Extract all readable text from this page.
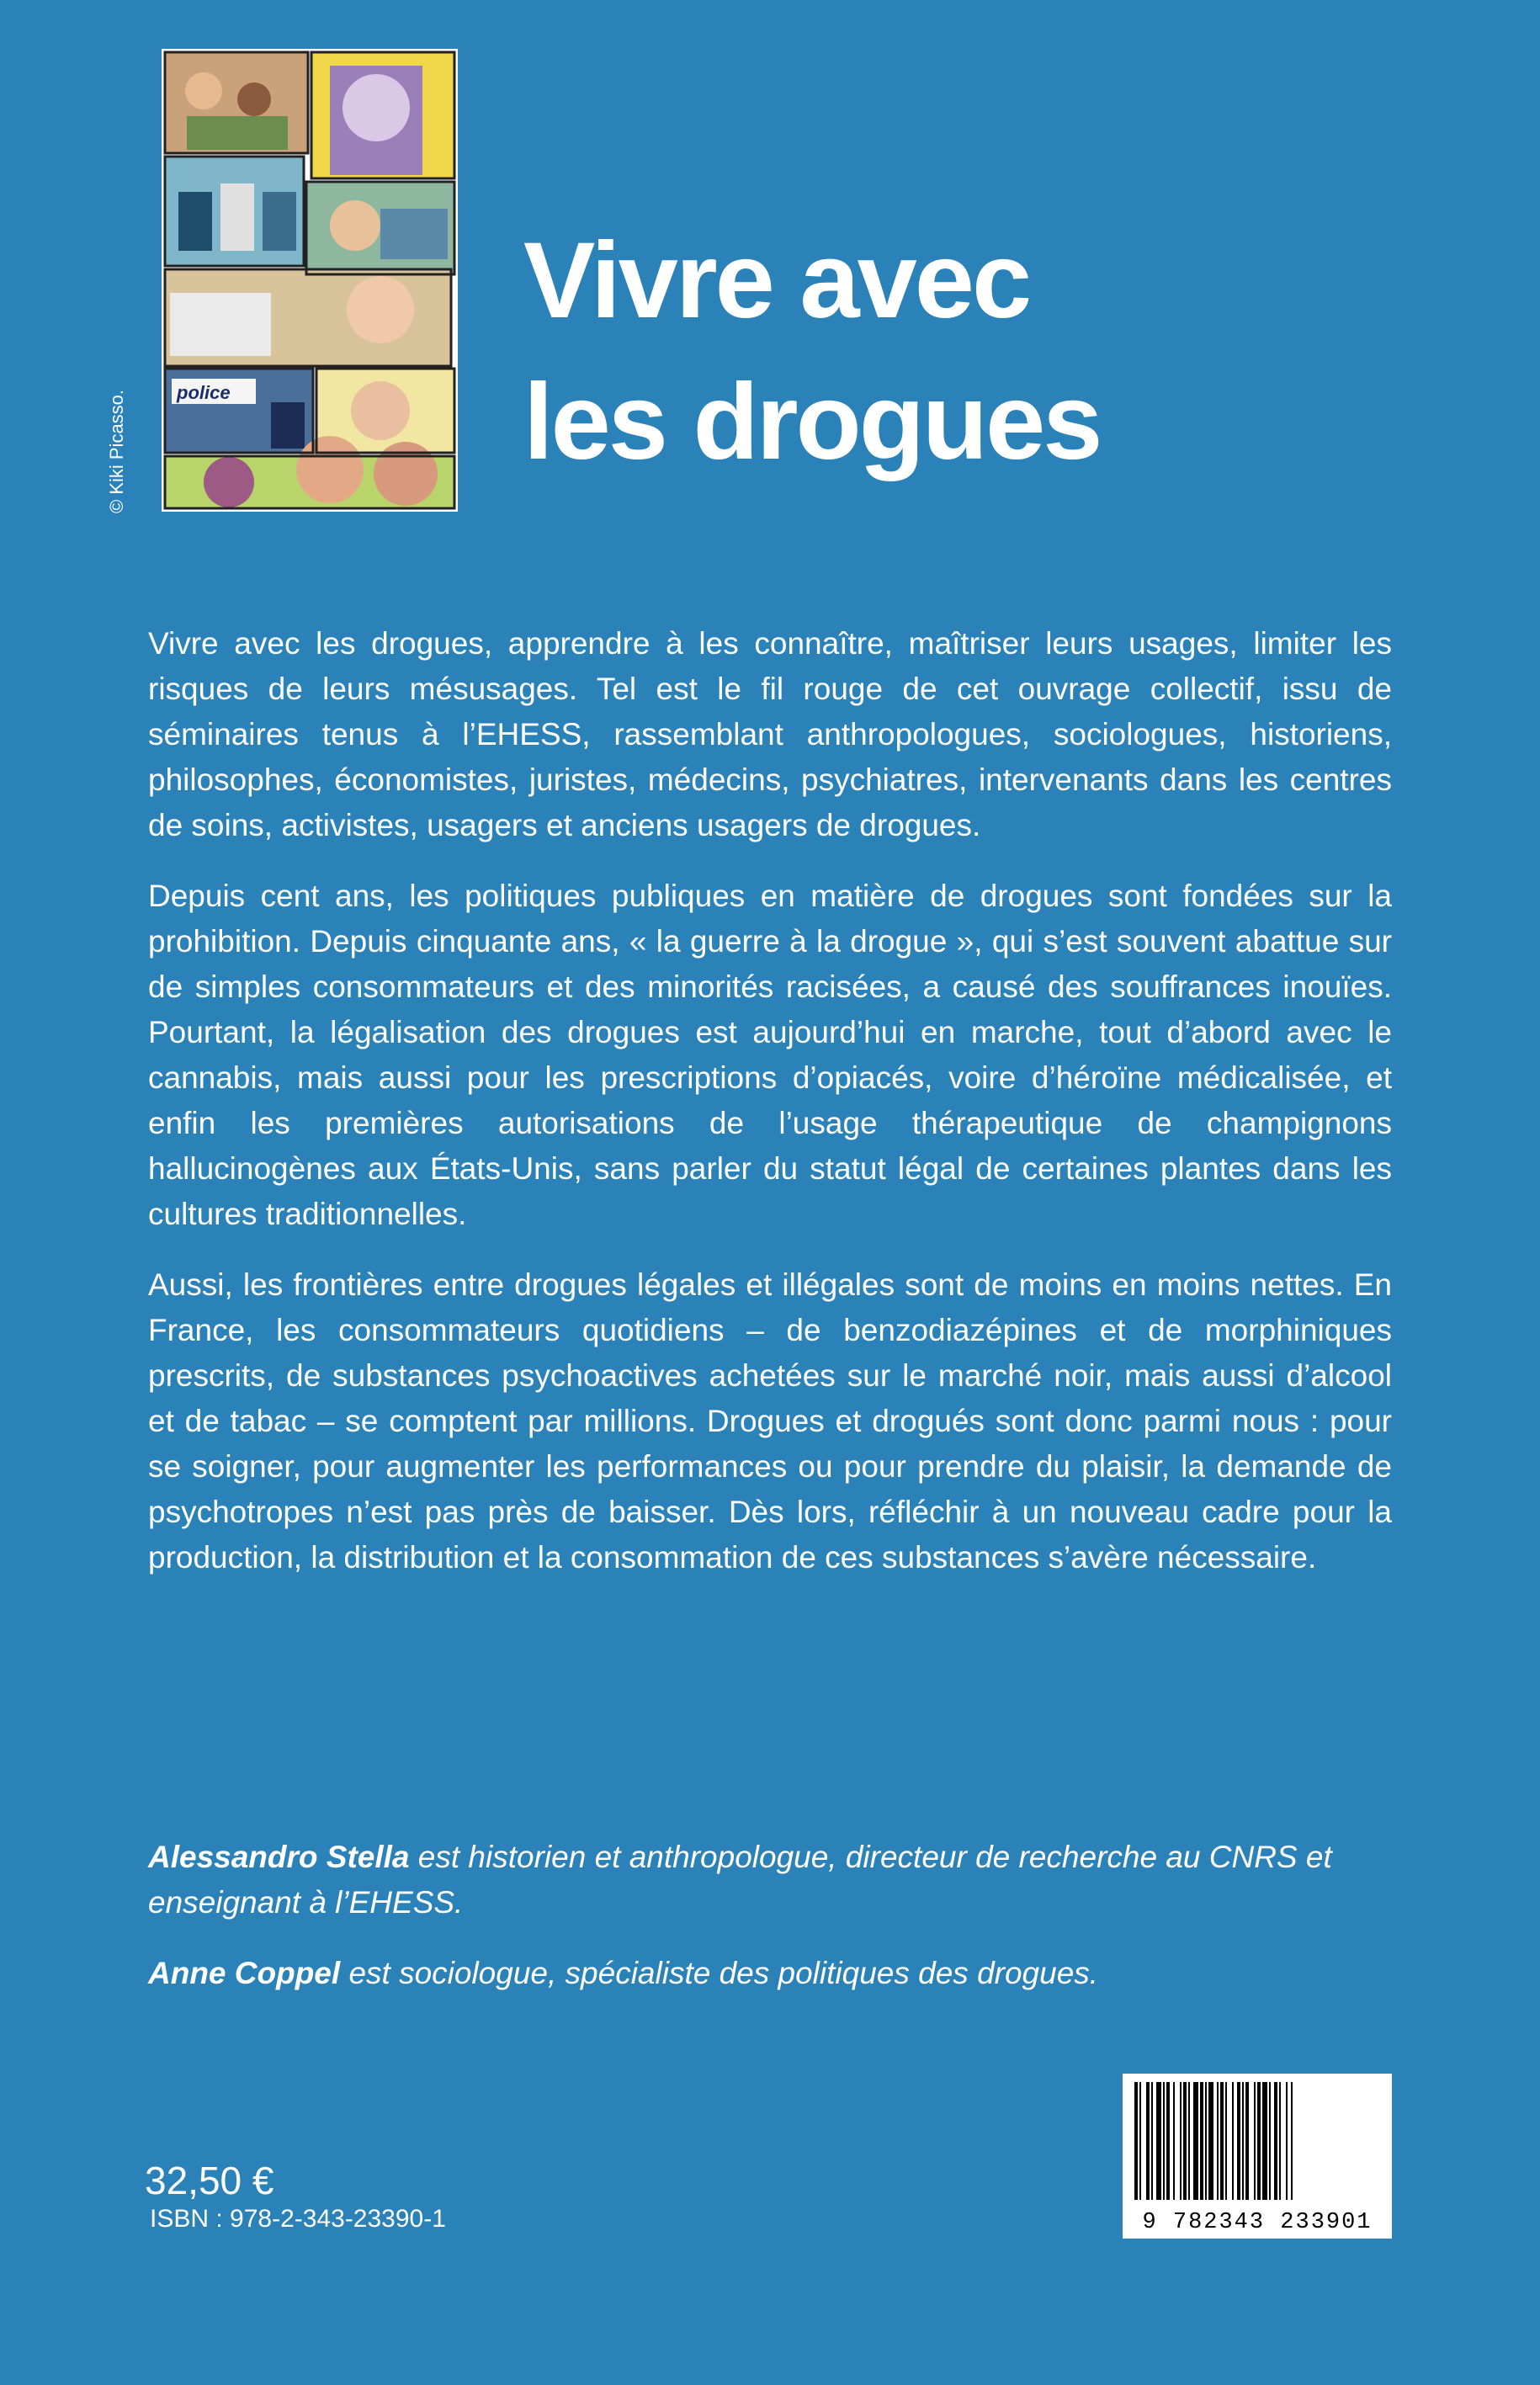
© Kiki Picasso.	police
Vivre avec
les drogues

Vivre avec les drogues, apprendre à les connaître, maîtriser leurs usages, limiter les risques de leurs mésusages. Tel est le fil rouge de cet ouvrage collectif, issu de séminaires tenus à l’EHESS, rassemblant anthropologues, sociologues, historiens, philosophes, économistes, juristes, médecins, psychiatres, intervenants dans les centres de soins, activistes, usagers et anciens usagers de drogues.

Depuis cent ans, les politiques publiques en matière de drogues sont fondées sur la prohibition. Depuis cinquante ans, « la guerre à la drogue », qui s’est souvent abattue sur de simples consommateurs et des minorités racisées, a causé des souffrances inouïes. Pourtant, la légalisation des drogues est aujourd’hui en marche, tout d’abord avec le cannabis, mais aussi pour les prescriptions d’opiacés, voire d’héroïne médicalisée, et enfin les premières autorisations de l’usage thérapeutique de champignons hallucinogènes aux États-Unis, sans parler du statut légal de certaines plantes dans les cultures traditionnelles.

Aussi, les frontières entre drogues légales et illégales sont de moins en moins nettes. En France, les consommateurs quotidiens – de benzodiazépines et de morphiniques prescrits, de substances psychoactives achetées sur le marché noir, mais aussi d’alcool et de tabac – se comptent par millions. Drogues et drogués sont donc parmi nous : pour se soigner, pour augmenter les performances ou pour prendre du plaisir, la demande de psychotropes n’est pas près de baisser. Dès lors, réfléchir à un nouveau cadre pour la production, la distribution et la consommation de ces substances s’avère nécessaire.

Alessandro Stella est historien et anthropologue, directeur de recherche au CNRS et enseignant à l’EHESS.

Anne Coppel est sociologue, spécialiste des politiques des drogues.

32,50 €
ISBN : 978-2-343-23390-1	9 782343 233901
